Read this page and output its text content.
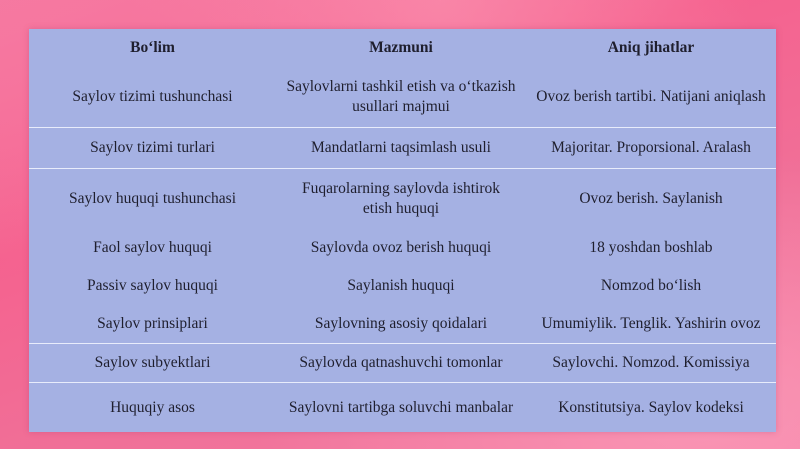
Bo‘lim	Mazmuni	Aniq jihatlar
Saylov tizimi tushunchasi	Saylovlarni tashkil etish va o‘tkazish usullari majmui	Ovoz berish tartibi. Natijani aniqlash
Saylov tizimi turlari	Mandatlarni taqsimlash usuli	Majoritar. Proporsional. Aralash
Saylov huquqi tushunchasi	Fuqarolarning saylovda ishtirok etish huquqi	Ovoz berish. Saylanish
Faol saylov huquqi	Saylovda ovoz berish huquqi	18 yoshdan boshlab
Passiv saylov huquqi	Saylanish huquqi	Nomzod bo‘lish
Saylov prinsiplari	Saylovning asosiy qoidalari	Umumiylik. Tenglik. Yashirin ovoz
Saylov subyektlari	Saylovda qatnashuvchi tomonlar	Saylovchi. Nomzod. Komissiya
Huquqiy asos	Saylovni tartibga soluvchi manbalar	Konstitutsiya. Saylov kodeksi
